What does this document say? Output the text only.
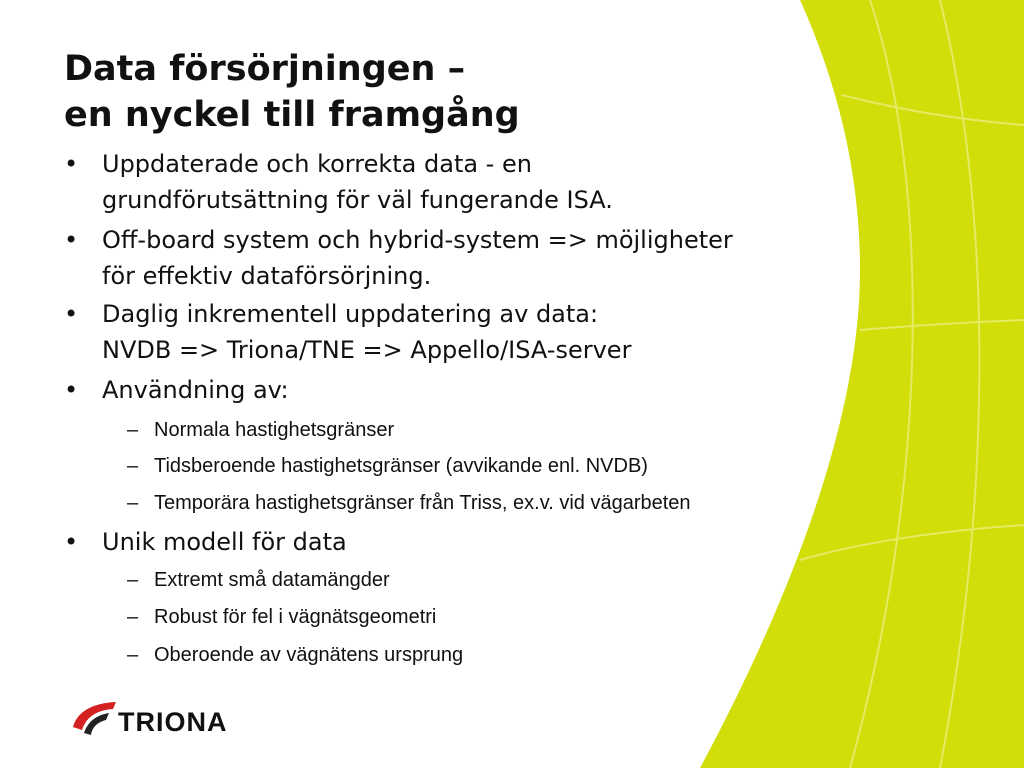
Data försörjningen –
en nyckel till framgång
• Uppdaterade och korrekta data - en
grundförutsättning för väl fungerande ISA.
• Off-board system och hybrid-system => möjligheter
för effektiv dataförsörjning.
• Daglig inkrementell uppdatering av data:
NVDB => Triona/TNE => Appello/ISA-server
• Användning av:
– Normala hastighetsgränser
– Tidsberoende hastighetsgränser (avvikande enl. NVDB)
– Temporära hastighetsgränser från Triss, ex.v. vid vägarbeten
• Unik modell för data
– Extremt små datamängder
– Robust för fel i vägnätsgeometri
– Oberoende av vägnätens ursprung
TRIONA
